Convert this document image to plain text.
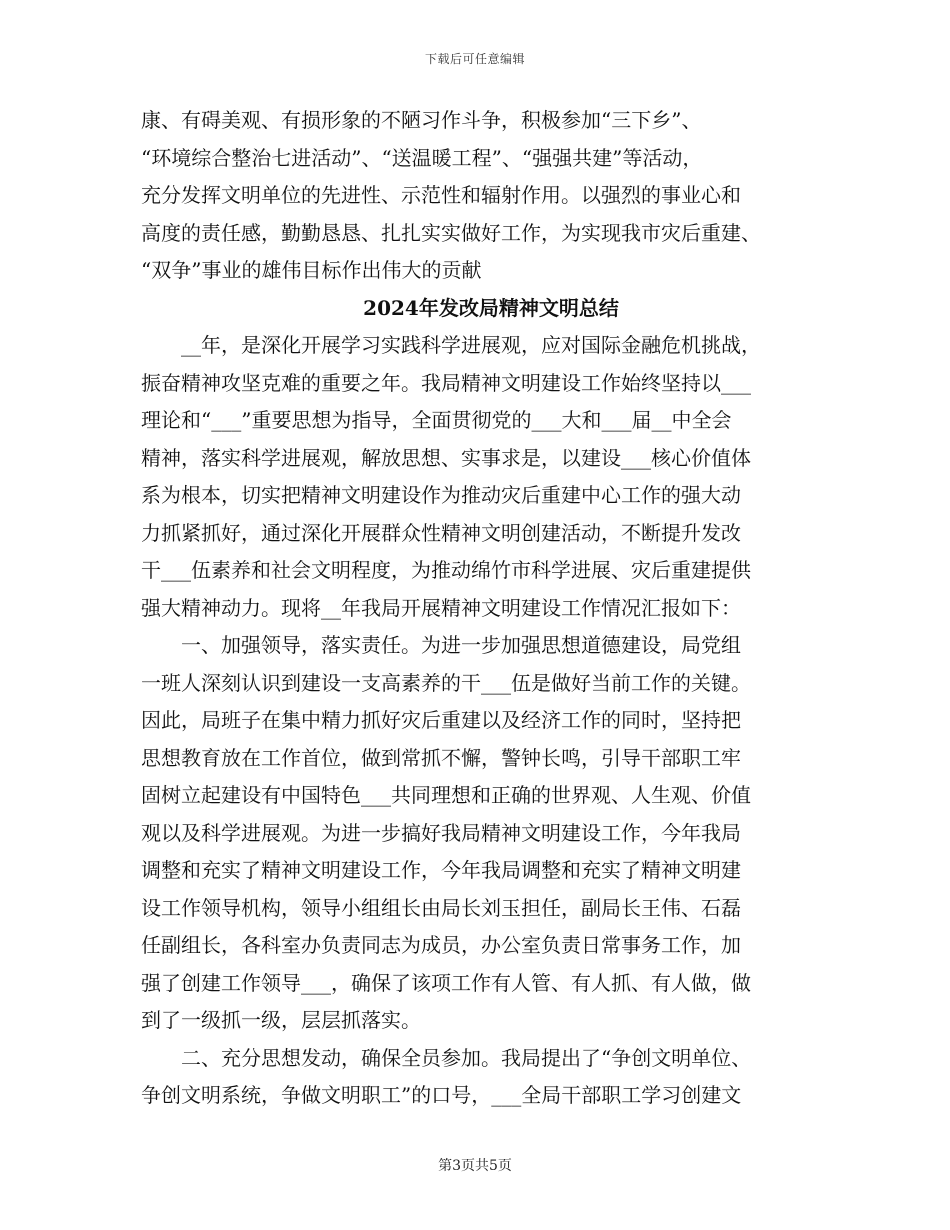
下载后可任意编辑
康、有碍美观、有损形象的不陋习作斗争，积极参加“三下乡”、
“环境综合整治七进活动”、“送温暖工程”、“强强共建”等活动，
充分发挥文明单位的先进性、示范性和辐射作用。以强烈的事业心和
高度的责任感，勤勤恳恳、扎扎实实做好工作，为实现我市灾后重建、
“双争”事业的雄伟目标作出伟大的贡献
2024年发改局精神文明总结
　　__年，是深化开展学习实践科学进展观，应对国际金融危机挑战，
振奋精神攻坚克难的重要之年。我局精神文明建设工作始终坚持以___
理论和“___”重要思想为指导，全面贯彻党的___大和___届__中全会
精神，落实科学进展观，解放思想、实事求是，以建设___核心价值体
系为根本，切实把精神文明建设作为推动灾后重建中心工作的强大动
力抓紧抓好，通过深化开展群众性精神文明创建活动，不断提升发改
干___伍素养和社会文明程度，为推动绵竹市科学进展、灾后重建提供
强大精神动力。现将__年我局开展精神文明建设工作情况汇报如下：
　　一、加强领导，落实责任。为进一步加强思想道德建设，局党组
一班人深刻认识到建设一支高素养的干___伍是做好当前工作的关键。
因此，局班子在集中精力抓好灾后重建以及经济工作的同时，坚持把
思想教育放在工作首位，做到常抓不懈，警钟长鸣，引导干部职工牢
固树立起建设有中国特色___共同理想和正确的世界观、人生观、价值
观以及科学进展观。为进一步搞好我局精神文明建设工作，今年我局
调整和充实了精神文明建设工作，今年我局调整和充实了精神文明建
设工作领导机构，领导小组组长由局长刘玉担任，副局长王伟、石磊
任副组长，各科室办负责同志为成员，办公室负责日常事务工作，加
强了创建工作领导___，确保了该项工作有人管、有人抓、有人做，做
到了一级抓一级，层层抓落实。
　　二、充分思想发动，确保全员参加。我局提出了“争创文明单位、
争创文明系统，争做文明职工”的口号，___全局干部职工学习创建文
第3页共5页
